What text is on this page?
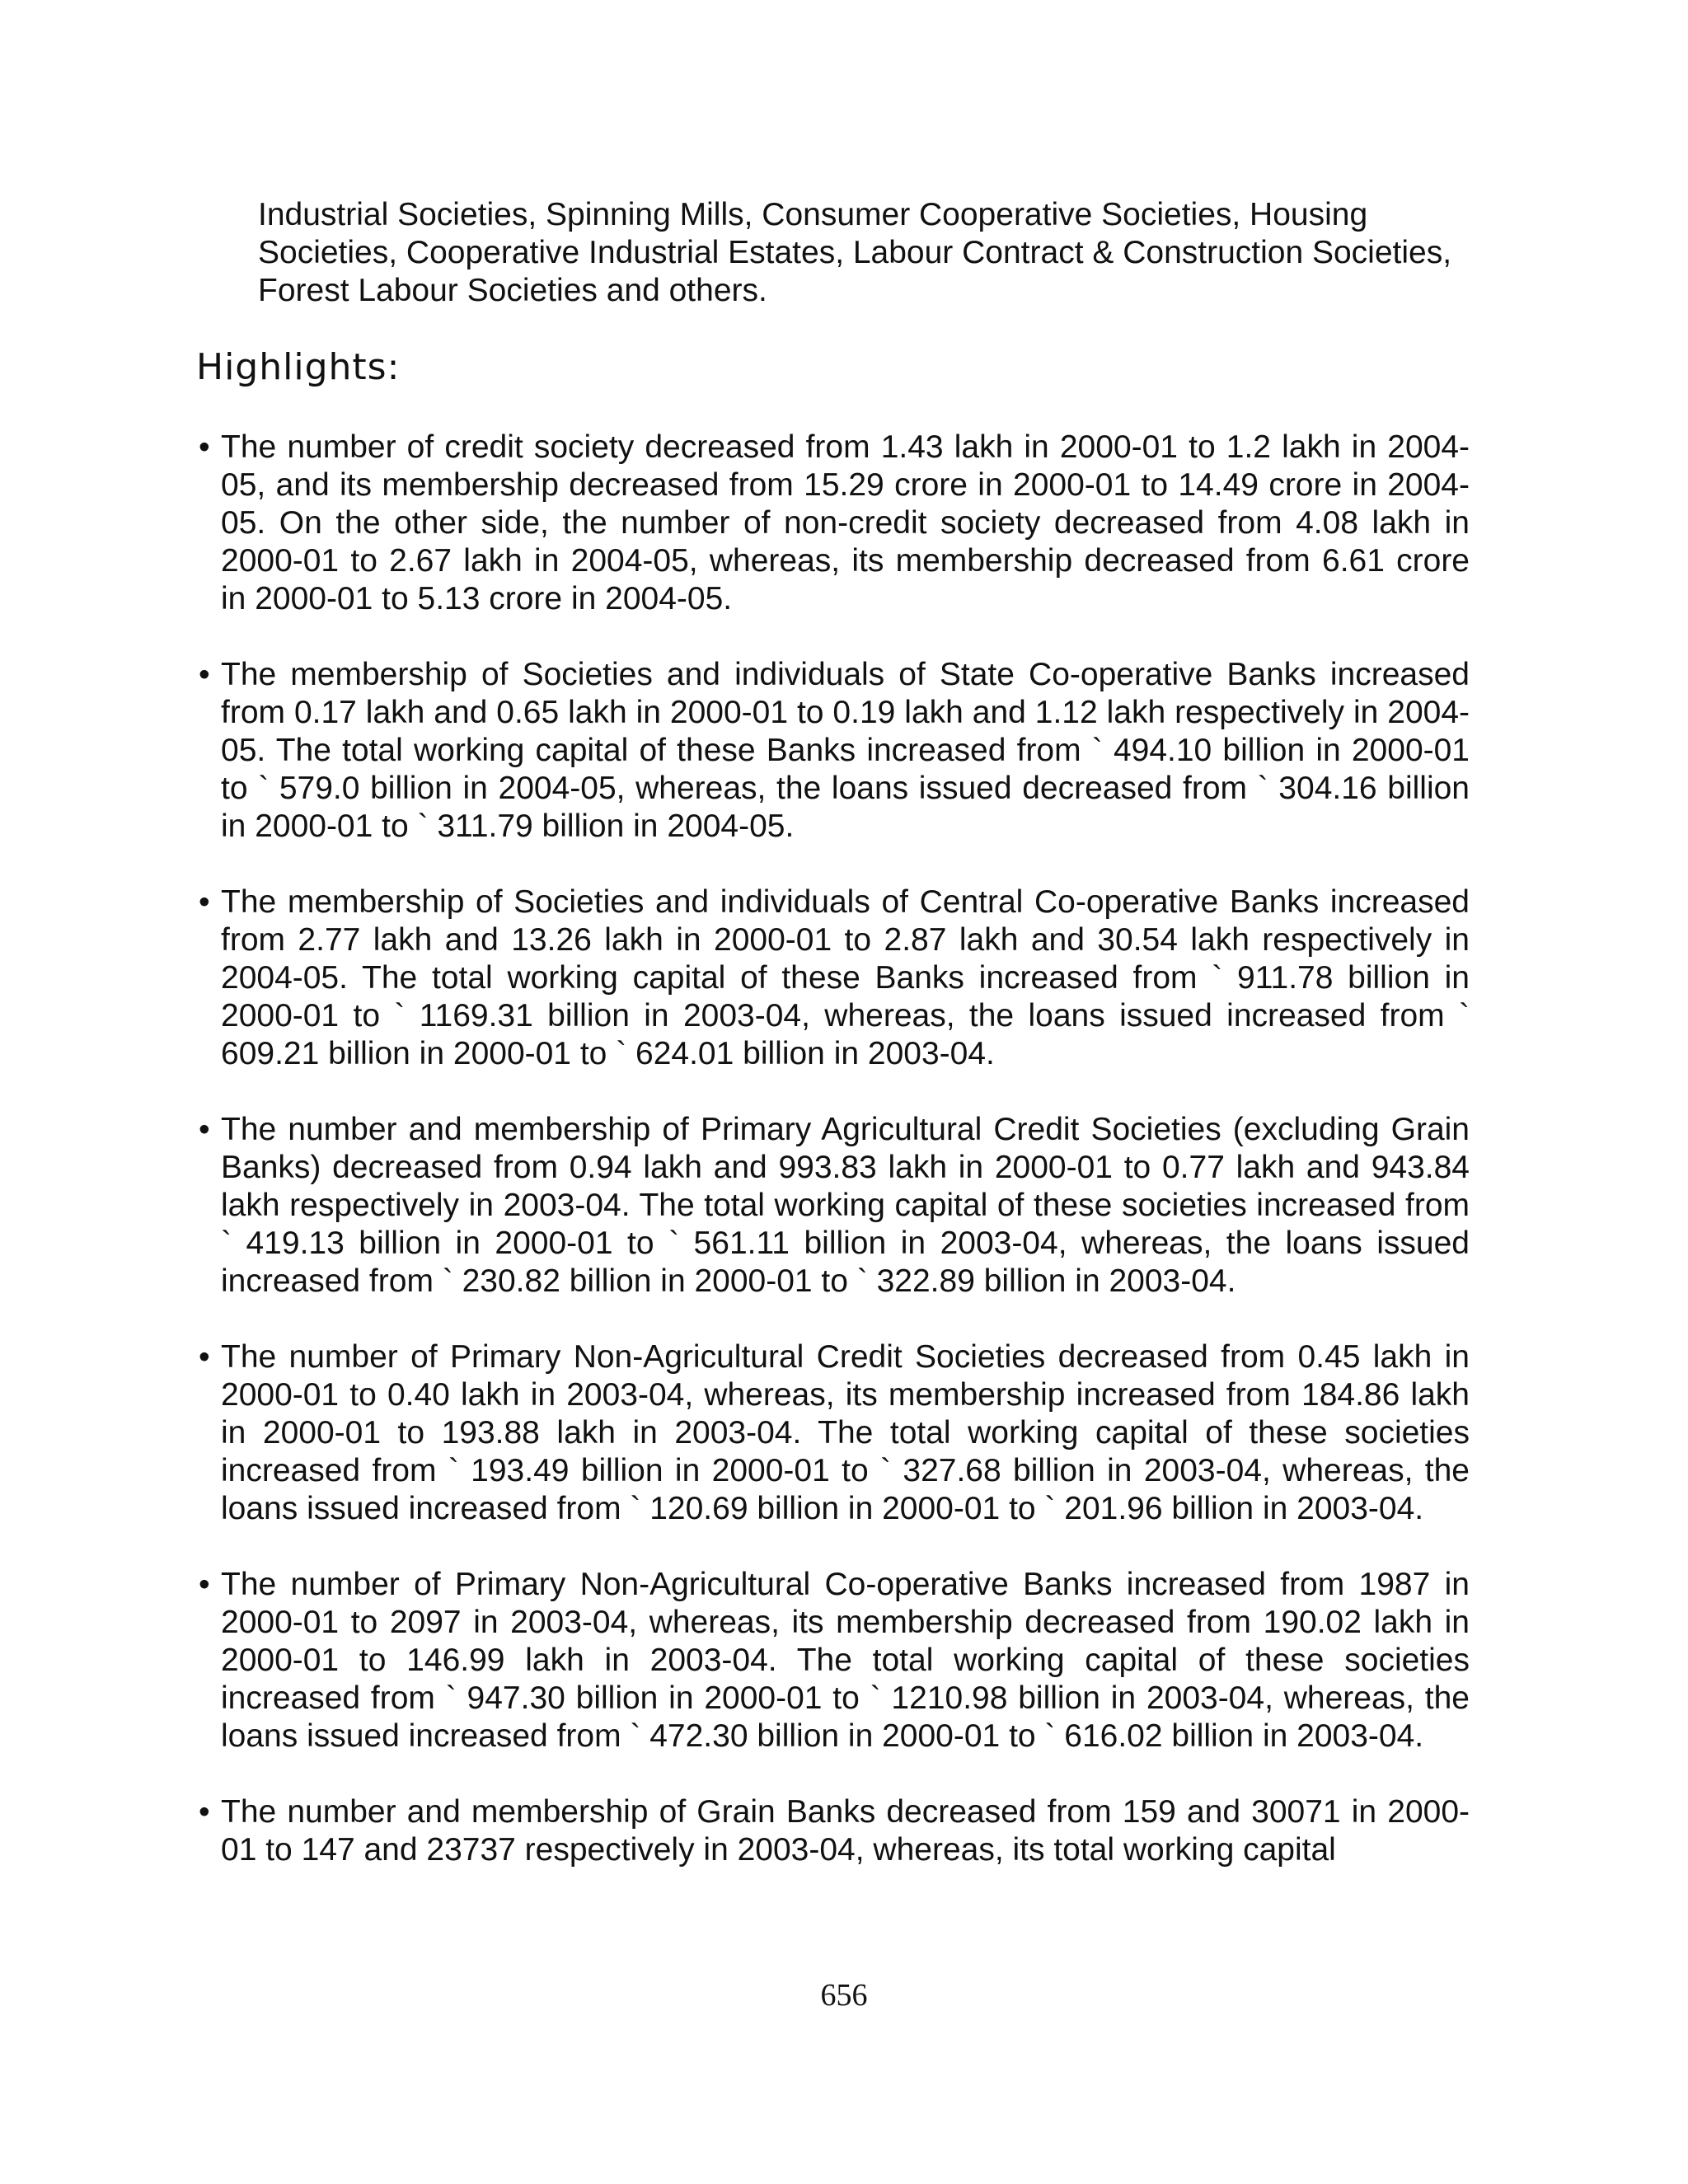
Industrial Societies, Spinning Mills, Consumer Cooperative Societies, Housing Societies, Cooperative Industrial Estates, Labour Contract & Construction Societies, Forest Labour Societies and others.

Highlights:
• The number of credit society decreased from 1.43 lakh in 2000-01 to 1.2 lakh in 2004-05, and its membership decreased from 15.29 crore in 2000-01 to 14.49 crore in 2004-05. On the other side, the number of non-credit society decreased from 4.08 lakh in 2000-01 to 2.67 lakh in 2004-05, whereas, its membership decreased from 6.61 crore in 2000-01 to 5.13 crore in 2004-05.
• The membership of Societies and individuals of State Co-operative Banks increased from 0.17 lakh and 0.65 lakh in 2000-01 to 0.19 lakh and 1.12 lakh respectively in 2004-05. The total working capital of these Banks increased from ` 494.10 billion in 2000-01 to ` 579.0 billion in 2004-05, whereas, the loans issued decreased from ` 304.16 billion in 2000-01 to ` 311.79 billion in 2004-05.
• The membership of Societies and individuals of Central Co-operative Banks increased from 2.77 lakh and 13.26 lakh in 2000-01 to 2.87 lakh and 30.54 lakh respectively in 2004-05. The total working capital of these Banks increased from ` 911.78 billion in 2000-01 to ` 1169.31 billion in 2003-04, whereas, the loans issued increased from ` 609.21 billion in 2000-01 to ` 624.01 billion in 2003-04.
• The number and membership of Primary Agricultural Credit Societies (excluding Grain Banks) decreased from 0.94 lakh and 993.83 lakh in 2000-01 to 0.77 lakh and 943.84 lakh respectively in 2003-04. The total working capital of these societies increased from ` 419.13 billion in 2000-01 to ` 561.11 billion in 2003-04, whereas, the loans issued increased from ` 230.82 billion in 2000-01 to ` 322.89 billion in 2003-04.
• The number of Primary Non-Agricultural Credit Societies decreased from 0.45 lakh in 2000-01 to 0.40 lakh in 2003-04, whereas, its membership increased from 184.86 lakh in 2000-01 to 193.88 lakh in 2003-04. The total working capital of these societies increased from ` 193.49 billion in 2000-01 to ` 327.68 billion in 2003-04, whereas, the loans issued increased from ` 120.69 billion in 2000-01 to ` 201.96 billion in 2003-04.
• The number of Primary Non-Agricultural Co-operative Banks increased from 1987 in 2000-01 to 2097 in 2003-04, whereas, its membership decreased from 190.02 lakh in 2000-01 to 146.99 lakh in 2003-04. The total working capital of these societies increased from ` 947.30 billion in 2000-01 to ` 1210.98 billion in 2003-04, whereas, the loans issued increased from ` 472.30 billion in 2000-01 to ` 616.02 billion in 2003-04.
• The number and membership of Grain Banks decreased from 159 and 30071 in 2000-01 to 147 and 23737 respectively in 2003-04, whereas, its total working capital
656
